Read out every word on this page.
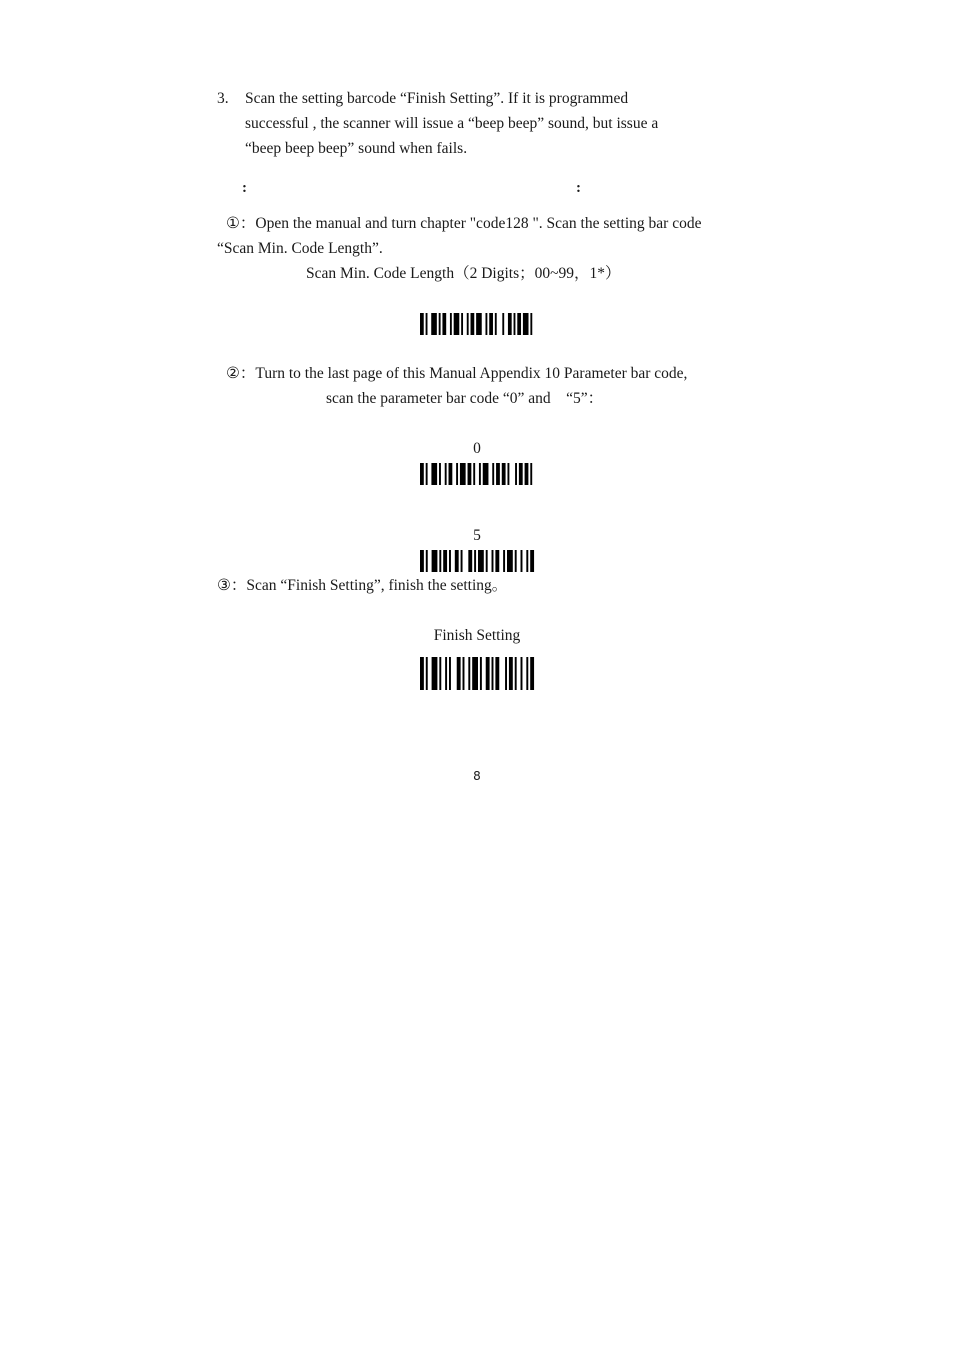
3. Scan the setting barcode “Finish Setting”. If it is programmed
successful , the scanner will issue a “beep beep” sound, but issue a
“beep beep beep” sound when fails.
:	:
①：Open the manual and turn chapter "code128 ". Scan the setting bar code
“Scan Min. Code Length”.
Scan Min. Code Length（2 Digits；00~99，1*）
②：Turn to the last page of this Manual Appendix 10 Parameter bar code,
scan the parameter bar code “0” and　“5”：
0
5
③：Scan “Finish Setting”, finish the setting。
Finish Setting
8
